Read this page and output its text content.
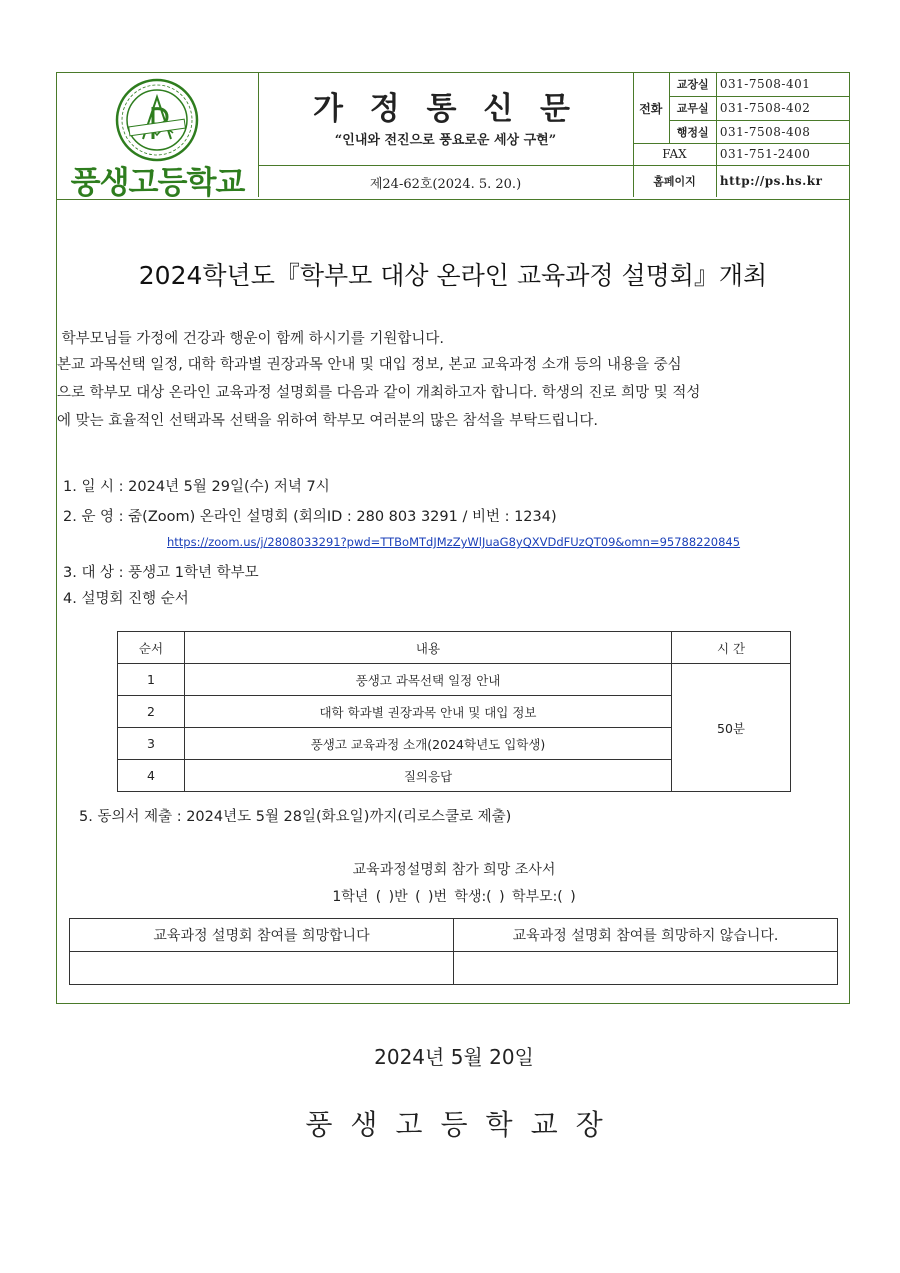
풍생고등학교
가 정 통 신 문
“인내와 전진으로 풍요로운 세상 구현”
제24-62호(2024. 5. 20.)
전화	교장실	031-7508-401
	교무실	031-7508-402
	행정실	031-7508-408
FAX		031-751-2400
홈페이지		http://ps.hs.kr
2024학년도『학부모 대상 온라인 교육과정 설명회』개최
학부모님들 가정에 건강과 행운이 함께 하시기를 기원합니다.
본교 과목선택 일정, 대학 학과별 권장과목 안내 및 대입 정보, 본교 교육과정 소개 등의 내용을 중심
으로 학부모 대상 온라인 교육과정 설명회를 다음과 같이 개최하고자 합니다. 학생의 진로 희망 및 적성
에 맞는 효율적인 선택과목 선택을 위하여 학부모 여러분의 많은 참석을 부탁드립니다.
1. 일 시 : 2024년 5월 29일(수) 저녁 7시
2. 운 영 : 줌(Zoom) 온라인 설명회 (회의ID : 280 803 3291 / 비번 : 1234)
https://zoom.us/j/2808033291?pwd=TTBoMTdJMzZyWlJuaG8yQXVDdFUzQT09&omn=95788220845
3. 대 상 : 풍생고 1학년 학부모
4. 설명회 진행 순서
순서	내용	시 간
1	풍생고 과목선택 일정 안내	50분
2	대학 학과별 권장과목 안내 및 대입 정보	
3	풍생고 교육과정 소개(2024학년도 입학생)	
4	질의응답	
5. 동의서 제출 : 2024년도 5월 28일(화요일)까지(리로스쿨로 제출)
교육과정설명회 참가 희망 조사서
1학년 ( )반 ( )번 학생:( ) 학부모:( )
교육과정 설명회 참여를 희망합니다	교육과정 설명회 참여를 희망하지 않습니다.

2024년 5월 20일
풍생고등학교장
